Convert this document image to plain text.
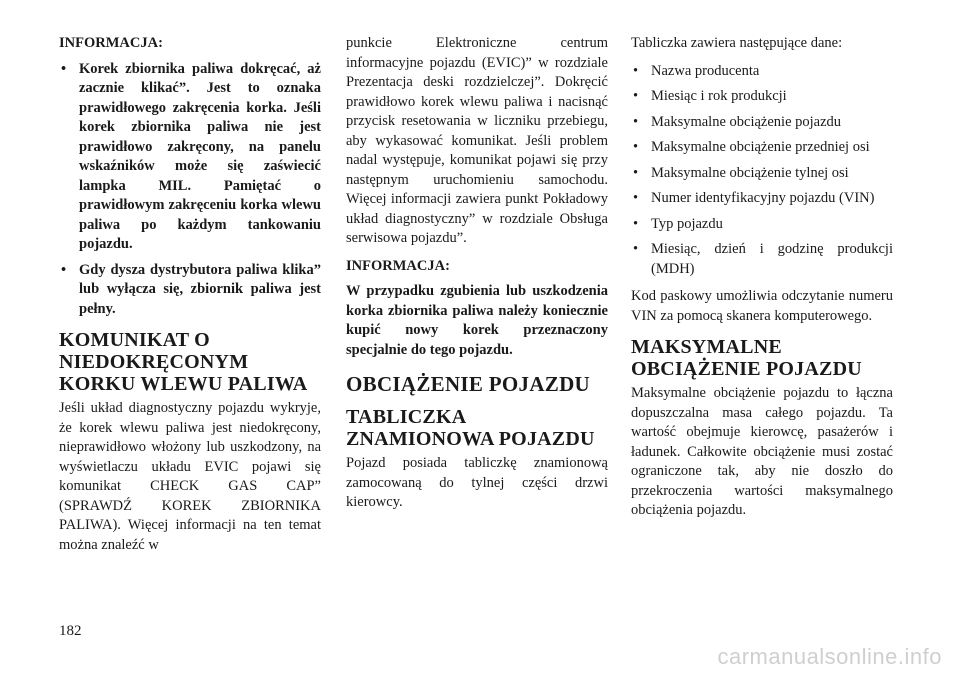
INFORMACJA:
• Korek zbiornika paliwa dokręcać, aż zacznie klikać”. Jest to oznaka prawidłowego zakręcenia korka. Jeśli korek zbiornika paliwa nie jest prawidłowo zakręcony, na panelu wskaźników może się zaświecić lampka MIL. Pamiętać o prawidłowym zakręceniu korka wlewu paliwa po każdym tankowaniu pojazdu.
• Gdy dysza dystrybutora paliwa klika” lub wyłącza się, zbiornik paliwa jest pełny.
KOMUNIKAT O NIEDOKRĘCONYM KORKU WLEWU PALIWA

Jeśli układ diagnostyczny pojazdu wykryje, że korek wlewu paliwa jest niedokręcony, nieprawidłowo włożony lub uszkodzony, na wyświetlaczu układu EVIC pojawi się komunikat CHECK GAS CAP” (SPRAWDŹ KOREK ZBIORNIKA PALIWA). Więcej informacji na ten temat można znaleźć w

punkcie Elektroniczne centrum informacyjne pojazdu (EVIC)” w rozdziale Prezentacja deski rozdzielczej”. Dokręcić prawidłowo korek wlewu paliwa i nacisnąć przycisk resetowania w liczniku przebiegu, aby wykasować komunikat. Jeśli problem nadal występuje, komunikat pojawi się przy następnym uruchomieniu samochodu. Więcej informacji zawiera punkt Pokładowy układ diagnostyczny” w rozdziale Obsługa serwisowa pojazdu”.

INFORMACJA:

W przypadku zgubienia lub uszkodzenia korka zbiornika paliwa należy koniecznie kupić nowy korek przeznaczony specjalnie do tego pojazdu.

OBCIĄŻENIE POJAZDU
TABLICZKA ZNAMIONOWA POJAZDU

Pojazd posiada tabliczkę znamionową zamocowaną do tylnej części drzwi kierowcy.

Tabliczka zawiera następujące dane:

• Nazwa producenta
• Miesiąc i rok produkcji
• Maksymalne obciążenie pojazdu
• Maksymalne obciążenie przedniej osi
• Maksymalne obciążenie tylnej osi
• Numer identyfikacyjny pojazdu (VIN)
• Typ pojazdu
• Miesiąc, dzień i godzinę produkcji (MDH)

Kod paskowy umożliwia odczytanie numeru VIN za pomocą skanera komputerowego.

MAKSYMALNE OBCIĄŻENIE POJAZDU

Maksymalne obciążenie pojazdu to łączna dopuszczalna masa całego pojazdu. Ta wartość obejmuje kierowcę, pasażerów i ładunek. Całkowite obciążenie musi zostać ograniczone tak, aby nie doszło do przekroczenia wartości maksymalnego obciążenia pojazdu.

182
carmanualsonline.info
